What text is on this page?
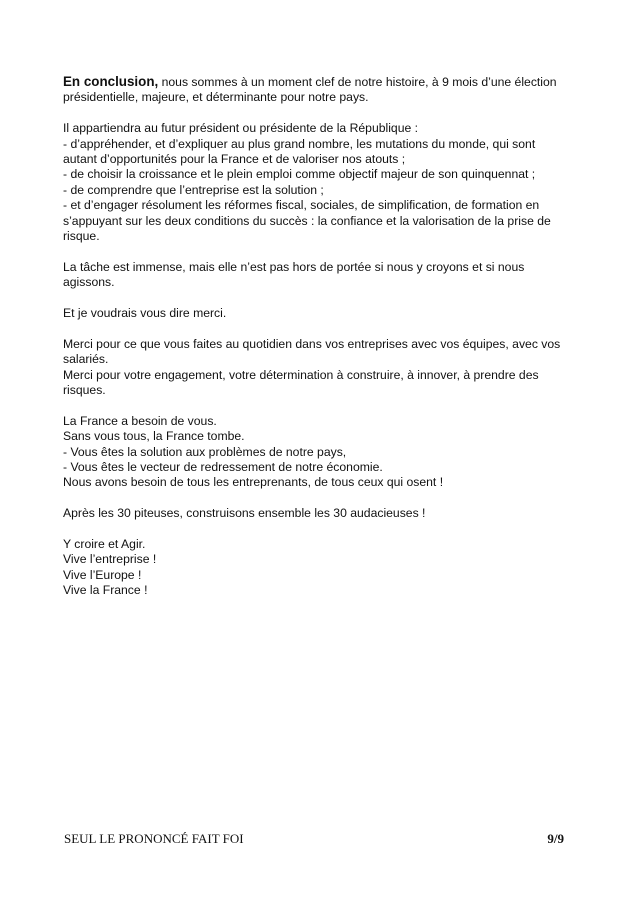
En conclusion, nous sommes à un moment clef de notre histoire, à 9 mois d’une élection
présidentielle, majeure, et déterminante pour notre pays.

Il appartiendra au futur président ou présidente de la République :
- d’appréhender, et d’expliquer au plus grand nombre, les mutations du monde, qui sont
autant d’opportunités pour la France et de valoriser nos atouts ;
- de choisir la croissance et le plein emploi comme objectif majeur de son quinquennat ;
- de comprendre que l’entreprise est la solution ;
- et d’engager résolument les réformes fiscal, sociales, de simplification, de formation en
s’appuyant sur les deux conditions du succès : la confiance et la valorisation de la prise de
risque.

La tâche est immense, mais elle n’est pas hors de portée si nous y croyons et si nous
agissons.

Et je voudrais vous dire merci.

Merci pour ce que vous faites au quotidien dans vos entreprises avec vos équipes, avec vos
salariés.
Merci pour votre engagement, votre détermination à construire, à innover, à prendre des
risques.

La France a besoin de vous.
Sans vous tous, la France tombe.
- Vous êtes la solution aux problèmes de notre pays,
- Vous êtes le vecteur de redressement de notre économie.
Nous avons besoin de tous les entreprenants, de tous ceux qui osent !

Après les 30 piteuses, construisons ensemble les 30 audacieuses !

Y croire et Agir.
Vive l’entreprise !
Vive l’Europe !
Vive la France !

SEUL LE PRONONCÉ FAIT FOI	9/9
